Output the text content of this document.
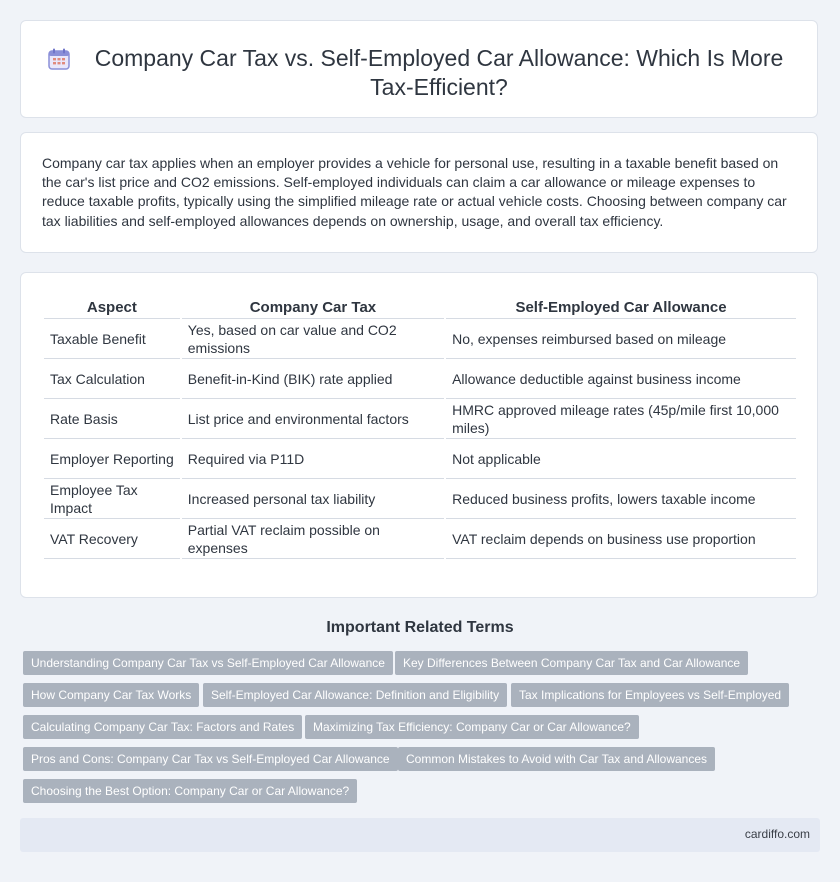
Company Car Tax vs. Self-Employed Car Allowance: Which Is More Tax-Efficient?

Company car tax applies when an employer provides a vehicle for personal use, resulting in a taxable benefit based on the car's list price and CO2 emissions. Self-employed individuals can claim a car allowance or mileage expenses to reduce taxable profits, typically using the simplified mileage rate or actual vehicle costs. Choosing between company car tax liabilities and self-employed allowances depends on ownership, usage, and overall tax efficiency.

Aspect	Company Car Tax	Self-Employed Car Allowance
Taxable Benefit	Yes, based on car value and CO2 emissions	No, expenses reimbursed based on mileage
Tax Calculation	Benefit-in-Kind (BIK) rate applied	Allowance deductible against business income
Rate Basis	List price and environmental factors	HMRC approved mileage rates (45p/mile first 10,000 miles)
Employer Reporting	Required via P11D	Not applicable
Employee Tax Impact	Increased personal tax liability	Reduced business profits, lowers taxable income
VAT Recovery	Partial VAT reclaim possible on expenses	VAT reclaim depends on business use proportion
Important Related Terms
Understanding Company Car Tax vs Self-Employed Car Allowance	Key Differences Between Company Car Tax and Car Allowance
How Company Car Tax Works	Self-Employed Car Allowance: Definition and Eligibility	Tax Implications for Employees vs Self-Employed
Calculating Company Car Tax: Factors and Rates	Maximizing Tax Efficiency: Company Car or Car Allowance?
Pros and Cons: Company Car Tax vs Self-Employed Car Allowance	Common Mistakes to Avoid with Car Tax and Allowances
Choosing the Best Option: Company Car or Car Allowance?
cardiffo.com
